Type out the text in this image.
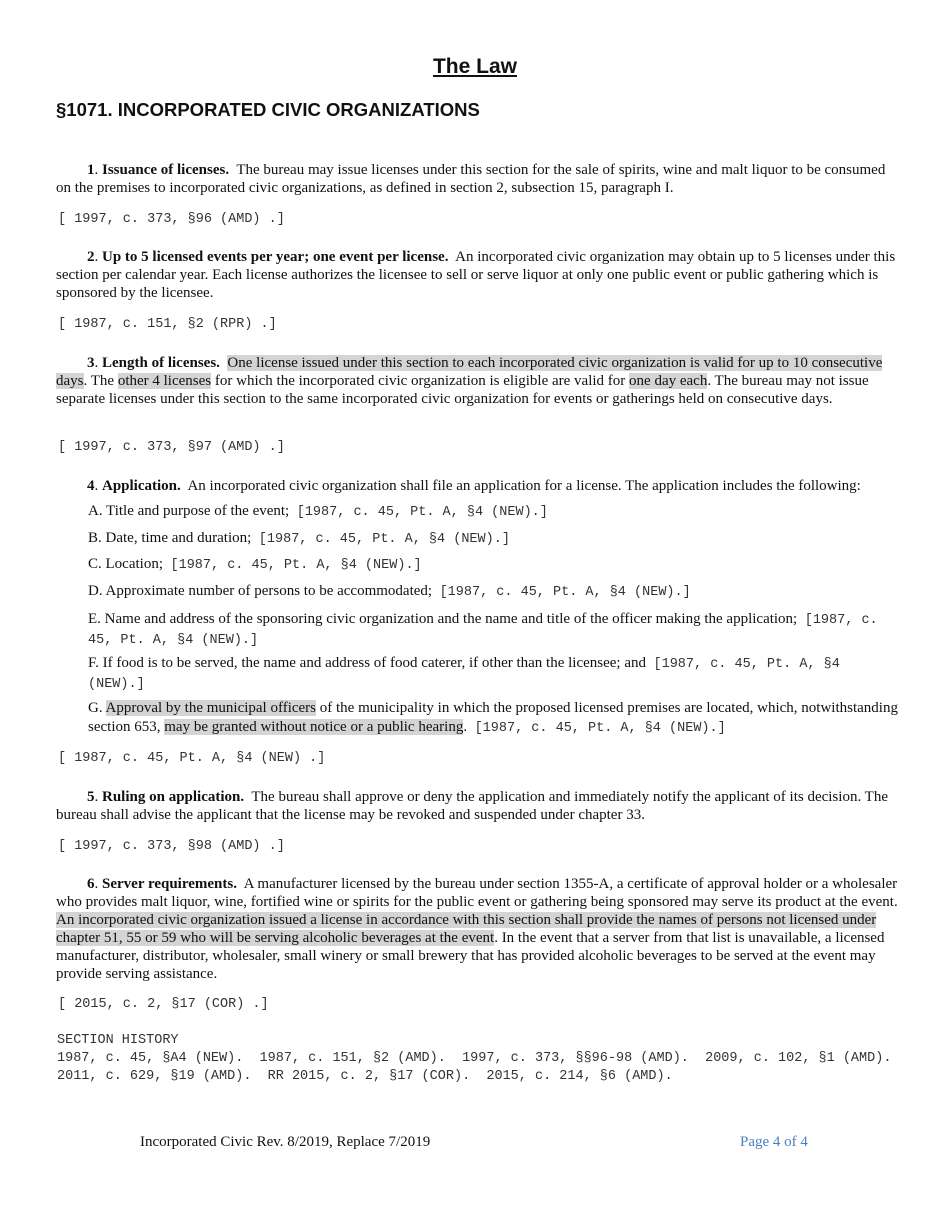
The Law
§1071. INCORPORATED CIVIC ORGANIZATIONS
1. Issuance of licenses. The bureau may issue licenses under this section for the sale of spirits, wine and malt liquor to be consumed on the premises to incorporated civic organizations, as defined in section 2, subsection 15, paragraph I.
[ 1997, c. 373, §96 (AMD) .]
2. Up to 5 licensed events per year; one event per license. An incorporated civic organization may obtain up to 5 licenses under this section per calendar year. Each license authorizes the licensee to sell or serve liquor at only one public event or public gathering which is sponsored by the licensee.
[ 1987, c. 151, §2 (RPR) .]
3. Length of licenses. One license issued under this section to each incorporated civic organization is valid for up to 10 consecutive days. The other 4 licenses for which the incorporated civic organization is eligible are valid for one day each. The bureau may not issue separate licenses under this section to the same incorporated civic organization for events or gatherings held on consecutive days.
[ 1997, c. 373, §97 (AMD) .]
4. Application. An incorporated civic organization shall file an application for a license. The application includes the following:
A. Title and purpose of the event; [1987, c. 45, Pt. A, §4 (NEW).]
B. Date, time and duration; [1987, c. 45, Pt. A, §4 (NEW).]
C. Location; [1987, c. 45, Pt. A, §4 (NEW).]
D. Approximate number of persons to be accommodated; [1987, c. 45, Pt. A, §4 (NEW).]
E. Name and address of the sponsoring civic organization and the name and title of the officer making the application; [1987, c. 45, Pt. A, §4 (NEW).]
F. If food is to be served, the name and address of food caterer, if other than the licensee; and [1987, c. 45, Pt. A, §4 (NEW).]
G. Approval by the municipal officers of the municipality in which the proposed licensed premises are located, which, notwithstanding section 653, may be granted without notice or a public hearing. [1987, c. 45, Pt. A, §4 (NEW).]
[ 1987, c. 45, Pt. A, §4 (NEW) .]
5. Ruling on application. The bureau shall approve or deny the application and immediately notify the applicant of its decision. The bureau shall advise the applicant that the license may be revoked and suspended under chapter 33.
[ 1997, c. 373, §98 (AMD) .]
6. Server requirements. A manufacturer licensed by the bureau under section 1355-A, a certificate of approval holder or a wholesaler who provides malt liquor, wine, fortified wine or spirits for the public event or gathering being sponsored may serve its product at the event. An incorporated civic organization issued a license in accordance with this section shall provide the names of persons not licensed under chapter 51, 55 or 59 who will be serving alcoholic beverages at the event. In the event that a server from that list is unavailable, a licensed manufacturer, distributor, wholesaler, small winery or small brewery that has provided alcoholic beverages to be served at the event may provide serving assistance.
[ 2015, c. 2, §17 (COR) .]
SECTION HISTORY
1987, c. 45, §A4 (NEW).  1987, c. 151, §2 (AMD).  1997, c. 373, §§96-98 (AMD).  2009, c. 102, §1 (AMD).  2011, c. 629, §19 (AMD).  RR 2015, c. 2, §17 (COR).  2015, c. 214, §6 (AMD).
Incorporated Civic Rev. 8/2019, Replace 7/2019	Page 4 of 4
